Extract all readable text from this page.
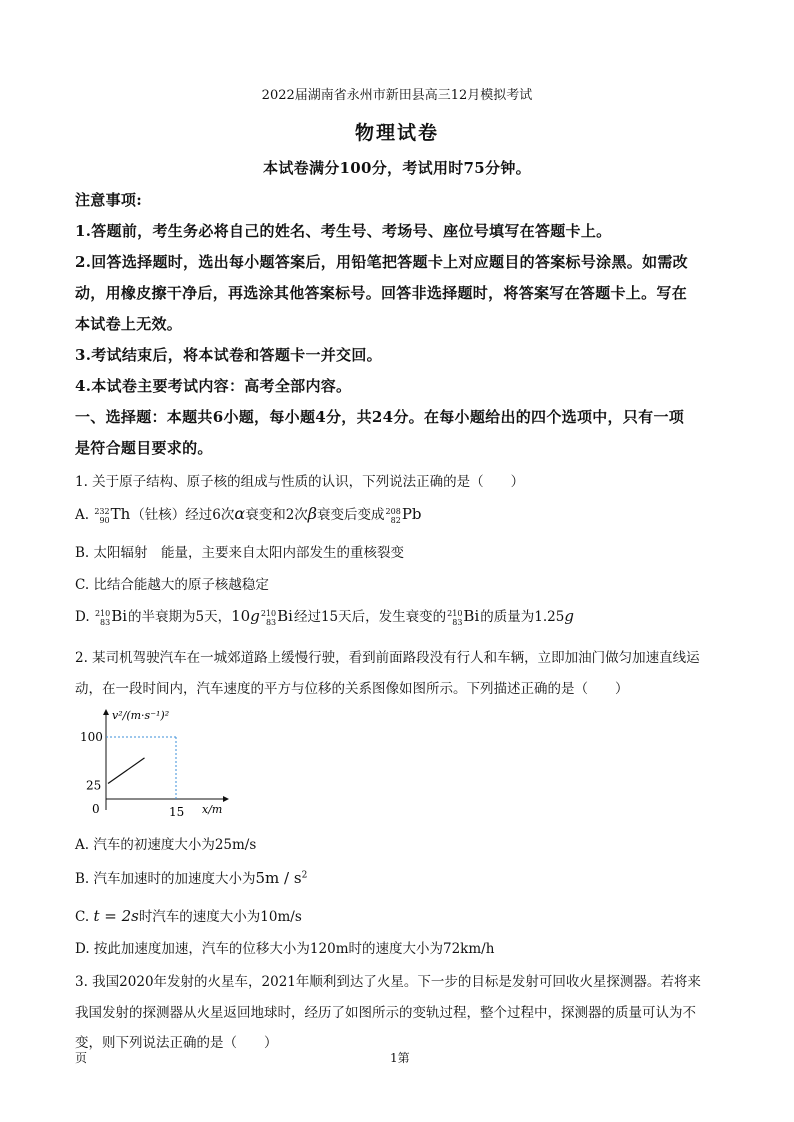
2022届湖南省永州市新田县高三12月模拟考试
物理试卷
本试卷满分100分，考试用时75分钟。
注意事项:
1.答题前，考生务必将自己的姓名、考生号、考场号、座位号填写在答题卡上。
2.回答选择题时，选出每小题答案后，用铅笔把答题卡上对应题目的答案标号涂黑。如需改
动，用橡皮擦干净后，再选涂其他答案标号。回答非选择题时，将答案写在答题卡上。写在
本试卷上无效。
3.考试结束后，将本试卷和答题卡一并交回。
4.本试卷主要考试内容：高考全部内容。
一、选择题：本题共6小题，每小题4分，共24分。在每小题给出的四个选项中，只有一项
是符合题目要求的。
1. 关于原子结构、原子核的组成与性质的认识，下列说法正确的是（　　）
A. 232
90 Th（钍核）经过6次α衰变和2次β衰变后变成 208
82 Pb
B. 太阳辐射　能量，主要来自太阳内部发生的重核裂变
C. 比结合能越大的原子核越稳定
D. 210
83 Bi的半衰期为5天，10g 210
83 Bi经过15天后，发生衰变的 210
83 Bi的质量为1.25g
2. 某司机驾驶汽车在一城郊道路上缓慢行驶，看到前面路段没有行人和车辆，立即加油门做匀加速直线运
动，在一段时间内，汽车速度的平方与位移的关系图像如图所示。下列描述正确的是（　　）
v²/(m·s⁻¹)²
x/m
100
25
0	15
A. 汽车的初速度大小为25m/s
B. 汽车加速时的加速度大小为$5m / s^2$
C. t = 2s时汽车的速度大小为10m/s
D. 按此加速度加速，汽车的位移大小为120m时的速度大小为72km/h
3. 我国2020年发射的火星车，2021年顺利到达了火星。下一步的目标是发射可回收火星探测器。若将来
我国发射的探测器从火星返回地球时，经历了如图所示的变轨过程，整个过程中，探测器的质量可认为不
变，则下列说法正确的是（　　）
页	1第
